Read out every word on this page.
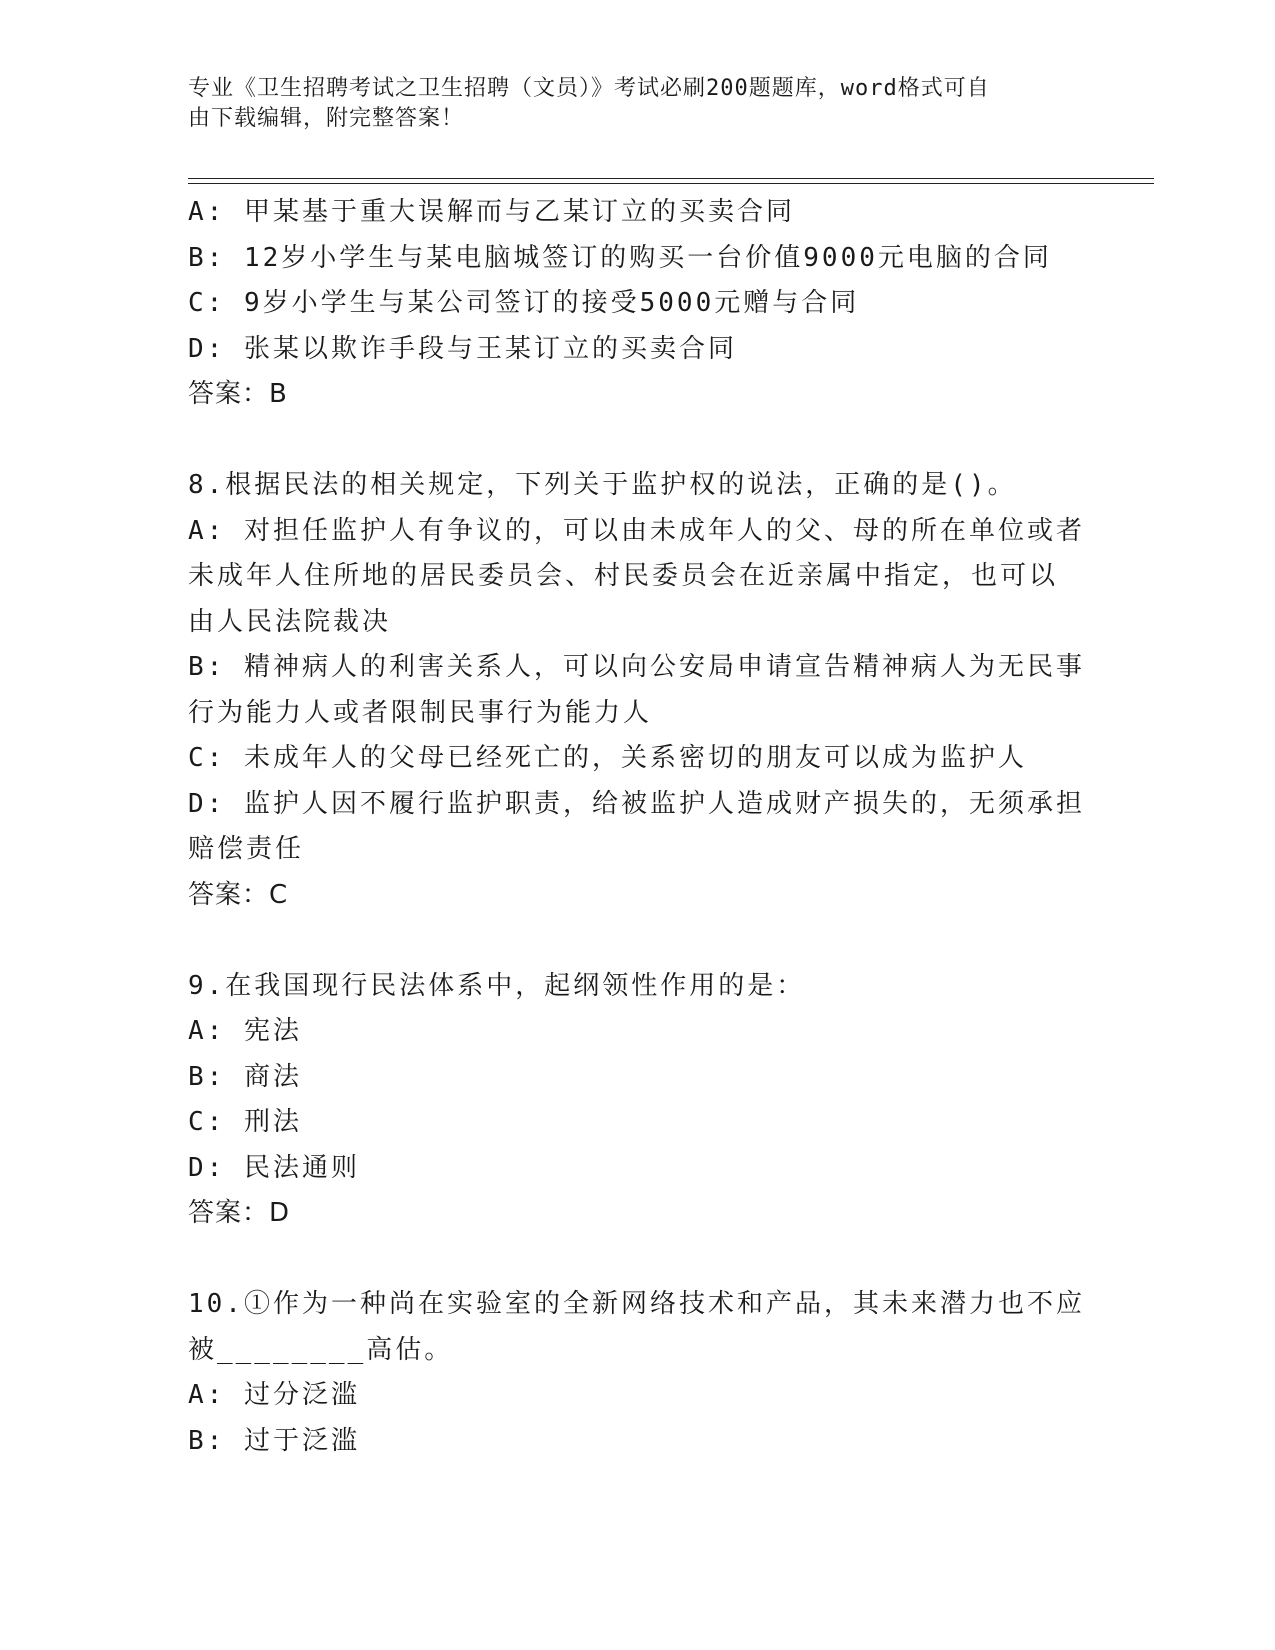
专业《卫生招聘考试之卫生招聘（文员）》考试必刷200题题库，word格式可自
由下载编辑，附完整答案！
A: 甲某基于重大误解而与乙某订立的买卖合同
B: 12岁小学生与某电脑城签订的购买一台价值9000元电脑的合同
C: 9岁小学生与某公司签订的接受5000元赠与合同
D: 张某以欺诈手段与王某订立的买卖合同
答案：B
8.根据民法的相关规定，下列关于监护权的说法，正确的是()。
A: 对担任监护人有争议的，可以由未成年人的父、母的所在单位或者
未成年人住所地的居民委员会、村民委员会在近亲属中指定，也可以
由人民法院裁决
B: 精神病人的利害关系人，可以向公安局申请宣告精神病人为无民事
行为能力人或者限制民事行为能力人
C: 未成年人的父母已经死亡的，关系密切的朋友可以成为监护人
D: 监护人因不履行监护职责，给被监护人造成财产损失的，无须承担
赔偿责任
答案：C
9.在我国现行民法体系中，起纲领性作用的是：
A: 宪法
B: 商法
C: 刑法
D: 民法通则
答案：D
10.①作为一种尚在实验室的全新网络技术和产品，其未来潜力也不应
被________高估。
A: 过分泛滥
B: 过于泛滥
